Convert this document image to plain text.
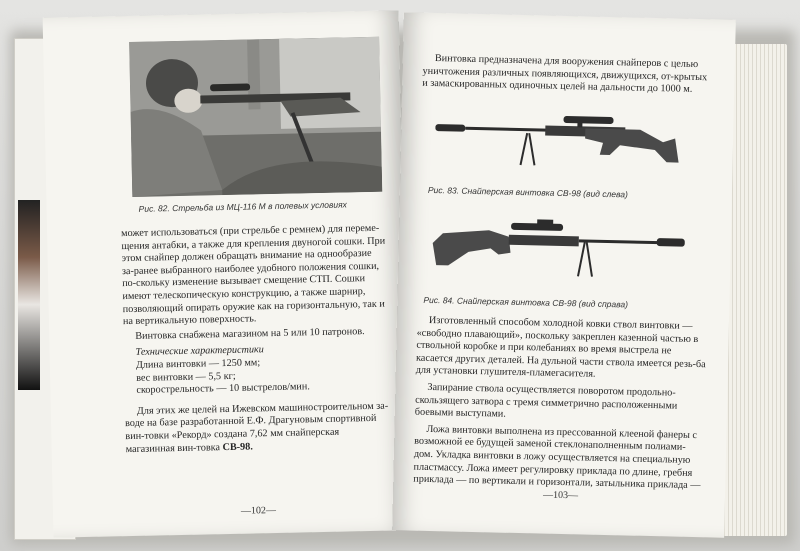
Рис. 82. Стрельба из МЦ-116 М в полевых условиях

может использоваться (при стрельбе с ремнем) для переме-щения антабки, а также для крепления двуногой сошки. При этом снайпер должен обращать внимание на однообразие за-ранее выбранного наиболее удобного положения сошки, по-скольку изменение вызывает смещение СТП. Сошки имеют телескопическую конструкцию, а также шарнир, позволяющий опирать оружие как на горизонтальную, так и на вертикальную поверхность.

Винтовка снабжена магазином на 5 или 10 патронов.

Технические характеристики

Длина винтовки — 1250 мм;

вес винтовки — 5,5 кг;

скорострельность — 10 выстрелов/мин.

Для этих же целей на Ижевском машиностроительном за-воде на базе разработанной Е.Ф. Драгуновым спортивной вин-товки «Рекорд» создана 7,62 мм снайперская магазинная вин-товка СВ-98.

—102—

Винтовка предназначена для вооружения снайперов с целью уничтожения различных появляющихся, движущихся, от-крытых и замаскированных одиночных целей на дальности до 1000 м.

Рис. 83. Снайперская винтовка СВ-98 (вид слева)
Рис. 84. Снайперская винтовка СВ-98 (вид справа)

Изготовленный способом холодной ковки ствол винтовки — «свободно плавающий», поскольку закреплен казенной частью в ствольной коробке и при колебаниях во время выстрела не касается других деталей. На дульной части ствола имеется резь-ба для установки глушителя-пламегасителя.

Запирание ствола осуществляется поворотом продольно-скользящего затвора с тремя симметрично расположенными боевыми выступами.

Ложа винтовки выполнена из прессованной клееной фанеры с возможной ее будущей заменой стеклонаполненным полиами-дом. Укладка винтовки в ложу осуществляется на специальную пластмассу. Ложа имеет регулировку приклада по длине, гребня приклада — по вертикали и горизонтали, затыльника приклада —

—103—
